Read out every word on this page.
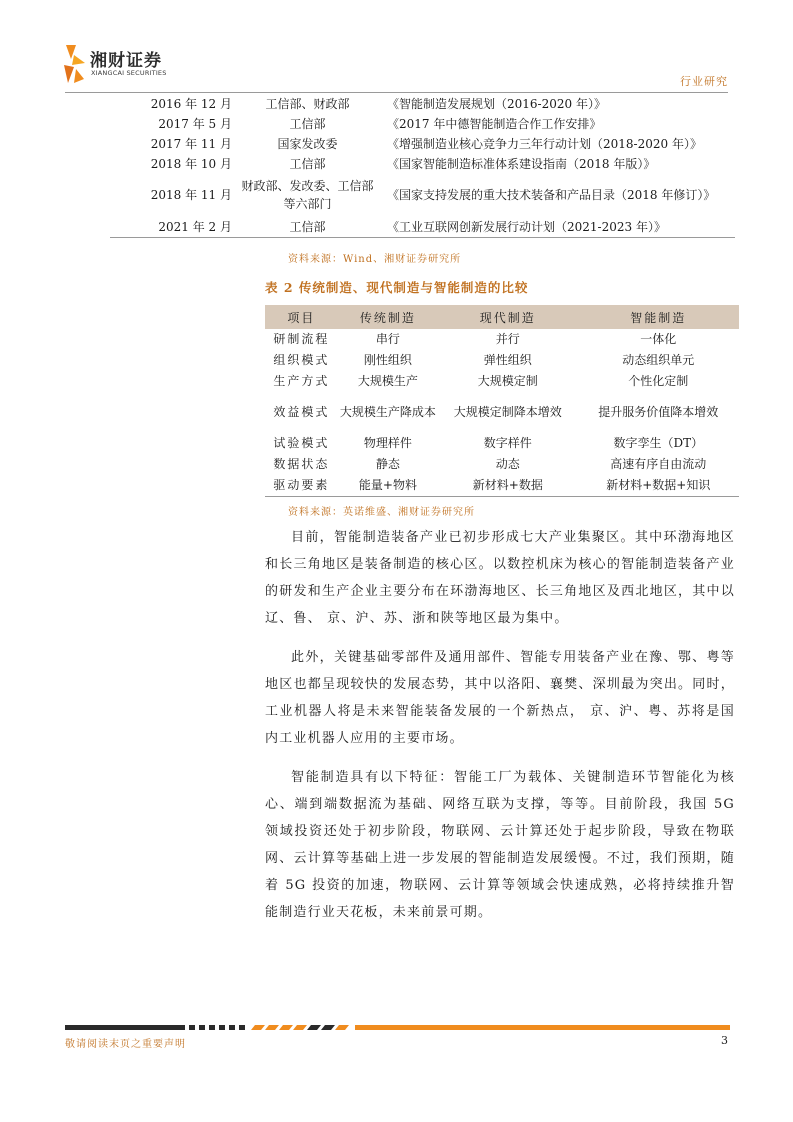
湘财证券
XIANGCAI SECURITIES
行业研究
2016 年 12 月	工信部、财政部	《智能制造发展规划（2016-2020 年）》
2017 年 5 月	工信部	《2017 年中德智能制造合作工作安排》
2017 年 11 月	国家发改委	《增强制造业核心竞争力三年行动计划（2018-2020 年）》
2018 年 10 月	工信部	《国家智能制造标准体系建设指南（2018 年版）》
2018 年 11 月	财政部、发改委、工信部等六部门	《国家支持发展的重大技术装备和产品目录（2018 年修订）》
2021 年 2 月	工信部	《工业互联网创新发展行动计划（2021-2023 年）》
资料来源：Wind、湘财证券研究所
表 2 传统制造、现代制造与智能制造的比较
项目	传统制造	现代制造	智能制造
研制流程	串行	并行	一体化
组织模式	刚性组织	弹性组织	动态组织单元
生产方式	大规模生产	大规模定制	个性化定制
效益模式	大规模生产降成本	大规模定制降本增效	提升服务价值降本增效
试验模式	物理样件	数字样件	数字孪生（DT）
数据状态	静态	动态	高速有序自由流动
驱动要素	能量+物料	新材料+数据	新材料+数据+知识
资料来源：英诺维盛、湘财证券研究所

目前，智能制造装备产业已初步形成七大产业集聚区。其中环渤海地区和长三角地区是装备制造的核心区。以数控机床为核心的智能制造装备产业的研发和生产企业主要分布在环渤海地区、长三角地区及西北地区，其中以辽、鲁、 京、沪、苏、浙和陕等地区最为集中。

此外，关键基础零部件及通用部件、智能专用装备产业在豫、鄂、粤等地区也都呈现较快的发展态势，其中以洛阳、襄樊、深圳最为突出。同时，工业机器人将是未来智能装备发展的一个新热点， 京、沪、粤、苏将是国内工业机器人应用的主要市场。

智能制造具有以下特征：智能工厂为载体、关键制造环节智能化为核心、端到端数据流为基础、网络互联为支撑，等等。目前阶段，我国 5G 领域投资还处于初步阶段，物联网、云计算还处于起步阶段，导致在物联网、云计算等基础上进一步发展的智能制造发展缓慢。不过，我们预期，随着 5G 投资的加速，物联网、云计算等领域会快速成熟，必将持续推升智能制造行业天花板，未来前景可期。

敬请阅读末页之重要声明	3
